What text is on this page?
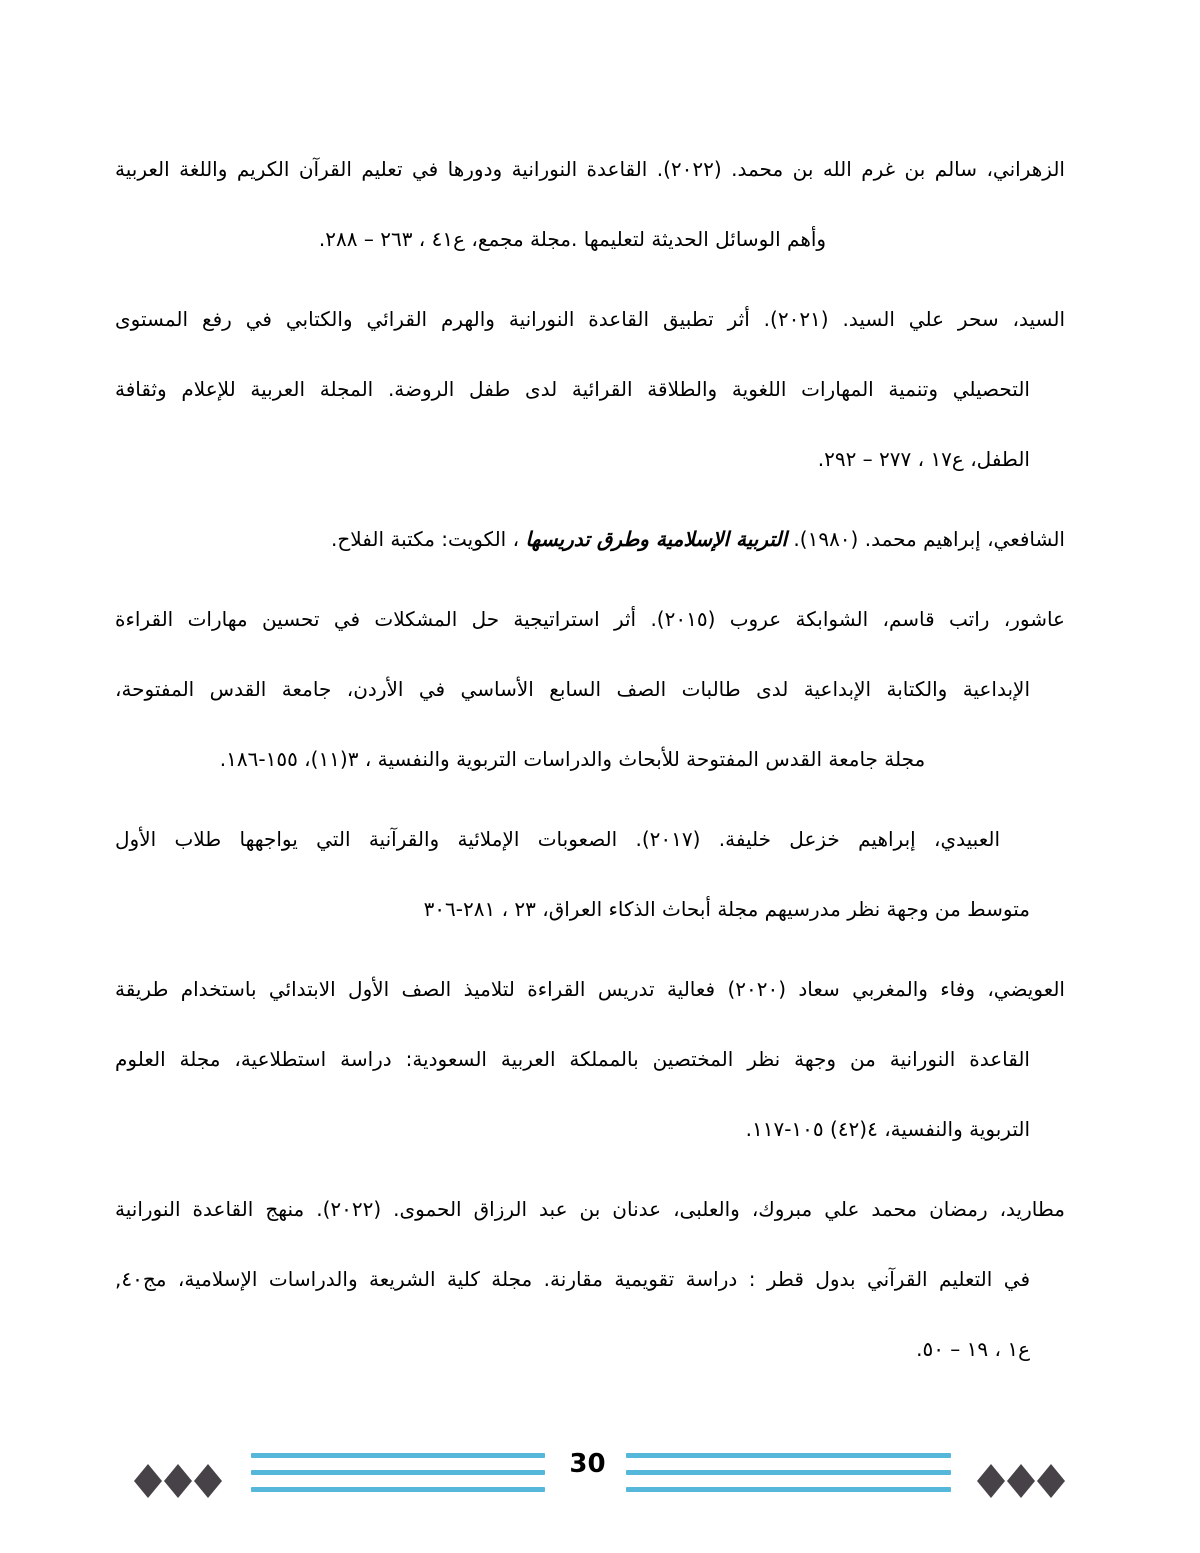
الزهراني، سالم بن غرم الله بن محمد. (٢٠٢٢). القاعدة النورانية ودورها في تعليم القرآن الكريم واللغة العربية
وأهم الوسائل الحديثة لتعليمها .مجلة مجمع، ع٤١ ، ٢٦٣ – ٢٨٨.
السيد، سحر علي السيد. (٢٠٢١). أثر تطبيق القاعدة النورانية والهرم القرائي والكتابي في رفع المستوى
التحصيلي وتنمية المهارات اللغوية والطلاقة القرائية لدى طفل الروضة. المجلة العربية للإعلام وثقافة
الطفل، ع١٧ ، ٢٧٧ – ٢٩٢.
الشافعي، إبراهيم محمد. (١٩٨٠). التربية الإسلامية وطرق تدريسها ، الكويت: مكتبة الفلاح.
عاشور، راتب قاسم، الشوابكة عروب (٢٠١٥). أثر استراتيجية حل المشكلات في تحسين مهارات القراءة
الإبداعية والكتابة الإبداعية لدى طالبات الصف السابع الأساسي في الأردن، جامعة القدس المفتوحة،
مجلة جامعة القدس المفتوحة للأبحاث والدراسات التربوية والنفسية ، ٣(١١)، ١٥٥-١٨٦.
العبيدي، إبراهيم خزعل خليفة. (٢٠١٧). الصعوبات الإملائية والقرآنية التي يواجهها طلاب الأول
متوسط من وجهة نظر مدرسيهم مجلة أبحاث الذكاء العراق، ٢٣ ، ٢٨١-٣٠٦
العويضي، وفاء والمغربي سعاد (٢٠٢٠) فعالية تدريس القراءة لتلاميذ الصف الأول الابتدائي باستخدام طريقة
القاعدة النورانية من وجهة نظر المختصين بالمملكة العربية السعودية: دراسة استطلاعية، مجلة العلوم
التربوية والنفسية، ٤(٤٢) ١٠٥-١١٧.
مطاريد، رمضان محمد علي مبروك، والعلبى، عدنان بن عبد الرزاق الحموى. (٢٠٢٢). منهج القاعدة النورانية
في التعليم القرآني بدول قطر : دراسة تقويمية مقارنة. مجلة كلية الشريعة والدراسات الإسلامية، مج٤٠,
ع١ ، ١٩ – ٥٠.
30
